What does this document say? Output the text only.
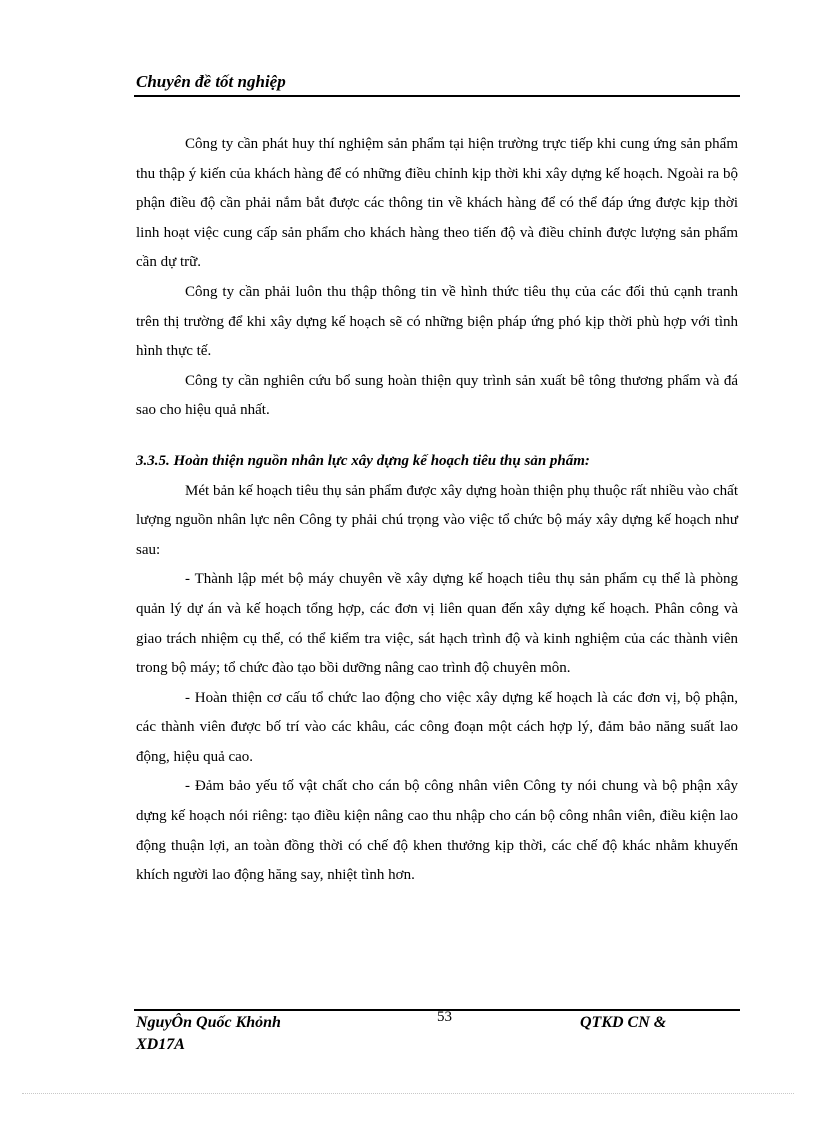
Chuyên đề tốt nghiệp

Công ty cần phát huy thí nghiệm sản phẩm tại hiện trường trực tiếp khi cung ứng sản phẩm thu thập ý kiến của khách hàng để có những điều chỉnh kịp thời khi xây dựng kế hoạch. Ngoài ra bộ phận điều độ cần phải nắm bắt được các thông tin về khách hàng để có thể đáp ứng được kịp thời linh hoạt việc cung cấp sản phẩm cho khách hàng theo tiến độ và điều chỉnh được lượng sản phẩm cần dự trữ.

Công ty cần phải luôn thu thập thông tin về hình thức tiêu thụ của các đối thủ cạnh tranh trên thị trường để khi xây dựng kế hoạch sẽ có những biện pháp ứng phó kịp thời phù hợp với tình hình thực tế.

Công ty cần nghiên cứu bổ sung hoàn thiện quy trình sản xuất bê tông thương phẩm và đá sao cho hiệu quả nhất.

3.3.5. Hoàn thiện nguồn nhân lực xây dựng kế hoạch tiêu thụ sản phẩm:

Mét bản kế hoạch tiêu thụ sản phẩm được xây dựng hoàn thiện phụ thuộc rất nhiều vào chất lượng nguồn nhân lực nên Công ty phải chú trọng vào việc tổ chức bộ máy xây dựng kế hoạch như sau:

- Thành lập mét bộ máy chuyên về xây dựng kế hoạch tiêu thụ sản phẩm cụ thể là phòng quản lý dự án và kế hoạch tổng hợp, các đơn vị liên quan đến xây dựng kế hoạch. Phân công và giao trách nhiệm cụ thể, có thể kiểm tra việc, sát hạch trình độ và kinh nghiệm của các thành viên trong bộ máy; tổ chức đào tạo bồi dưỡng nâng cao trình độ chuyên môn.

- Hoàn thiện cơ cấu tổ chức lao động cho việc xây dựng kế hoạch là các đơn vị, bộ phận, các thành viên được bố trí vào các khâu, các công đoạn một cách hợp lý, đảm bảo năng suất lao động, hiệu quả cao.

- Đảm bảo yếu tố vật chất cho cán bộ công nhân viên Công ty nói chung và bộ phận xây dựng kế hoạch nói riêng: tạo điều kiện nâng cao thu nhập cho cán bộ công nhân viên, điều kiện lao động thuận lợi, an toàn đồng thời có chế độ khen thưởng kịp thời, các chế độ khác nhằm khuyến khích người lao động hăng say, nhiệt tình hơn.

NguyÔn Quốc Khỏnh
XD17A
53	QTKD CN &
